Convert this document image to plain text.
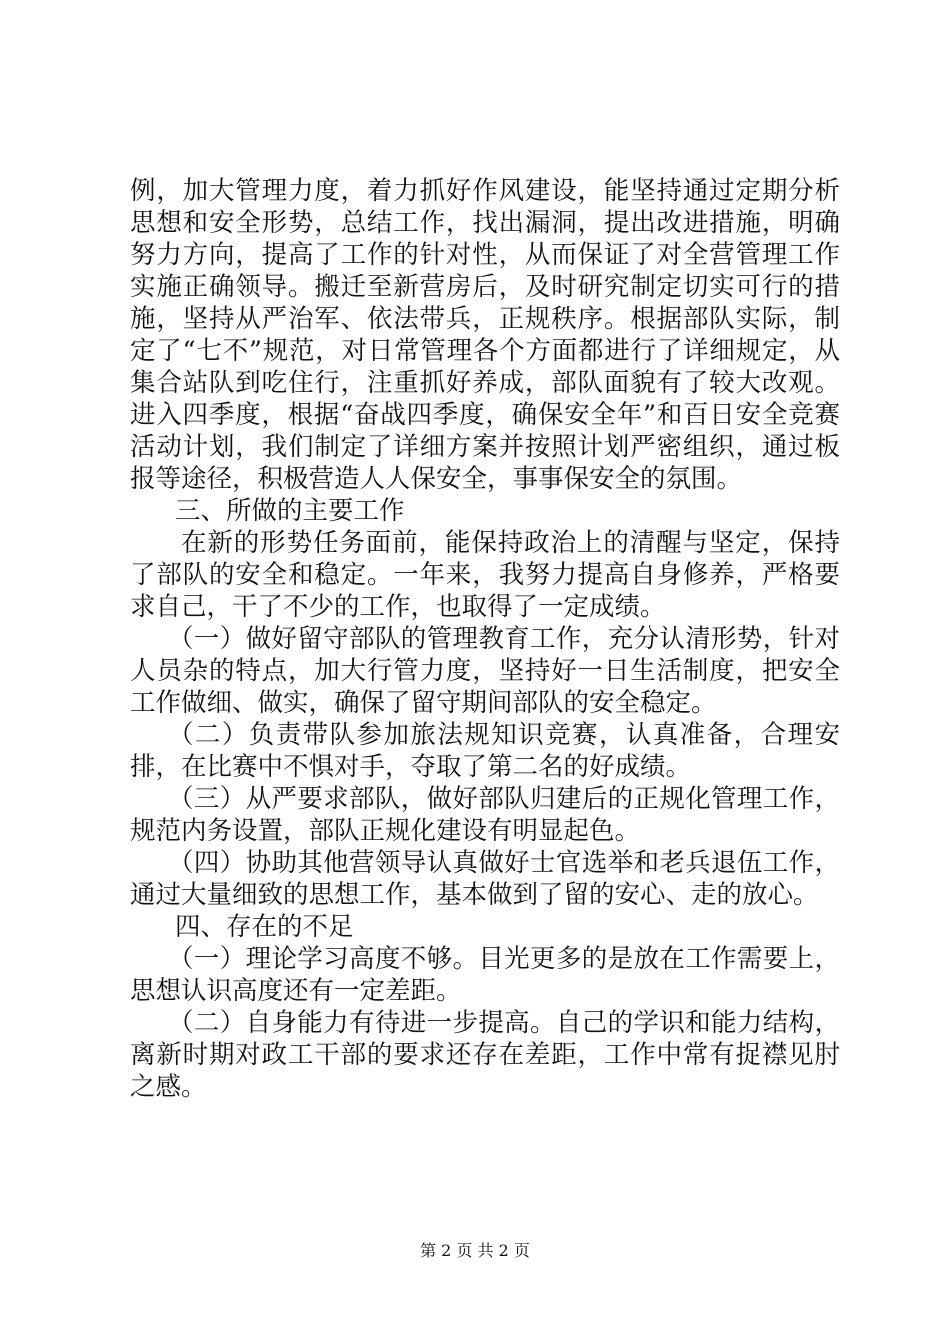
例，加大管理力度，着力抓好作风建设，能坚持通过定期分析思想和安全形势，总结工作，找出漏洞，提出改进措施，明确努力方向，提高了工作的针对性，从而保证了对全营管理工作实施正确领导。搬迁至新营房后，及时研究制定切实可行的措施，坚持从严治军、依法带兵，正规秩序。根据部队实际，制定了“七不”规范，对日常管理各个方面都进行了详细规定，从集合站队到吃住行，注重抓好养成，部队面貌有了较大改观。进入四季度，根据“奋战四季度，确保安全年”和百日安全竞赛活动计划，我们制定了详细方案并按照计划严密组织，通过板报等途径，积极营造人人保安全，事事保安全的氛围。

三、所做的主要工作

在新的形势任务面前，能保持政治上的清醒与坚定，保持了部队的安全和稳定。一年来，我努力提高自身修养，严格要求自己，干了不少的工作，也取得了一定成绩。

（一）做好留守部队的管理教育工作，充分认清形势，针对人员杂的特点，加大行管力度，坚持好一日生活制度，把安全工作做细、做实，确保了留守期间部队的安全稳定。

（二）负责带队参加旅法规知识竞赛，认真准备，合理安排，在比赛中不惧对手，夺取了第二名的好成绩。

（三）从严要求部队，做好部队归建后的正规化管理工作，规范内务设置，部队正规化建设有明显起色。

（四）协助其他营领导认真做好士官选举和老兵退伍工作，通过大量细致的思想工作，基本做到了留的安心、走的放心。

四、存在的不足

（一）理论学习高度不够。目光更多的是放在工作需要上，思想认识高度还有一定差距。

（二）自身能力有待进一步提高。自己的学识和能力结构，离新时期对政工干部的要求还存在差距，工作中常有捉襟见肘之感。

第 2 页 共 2 页
